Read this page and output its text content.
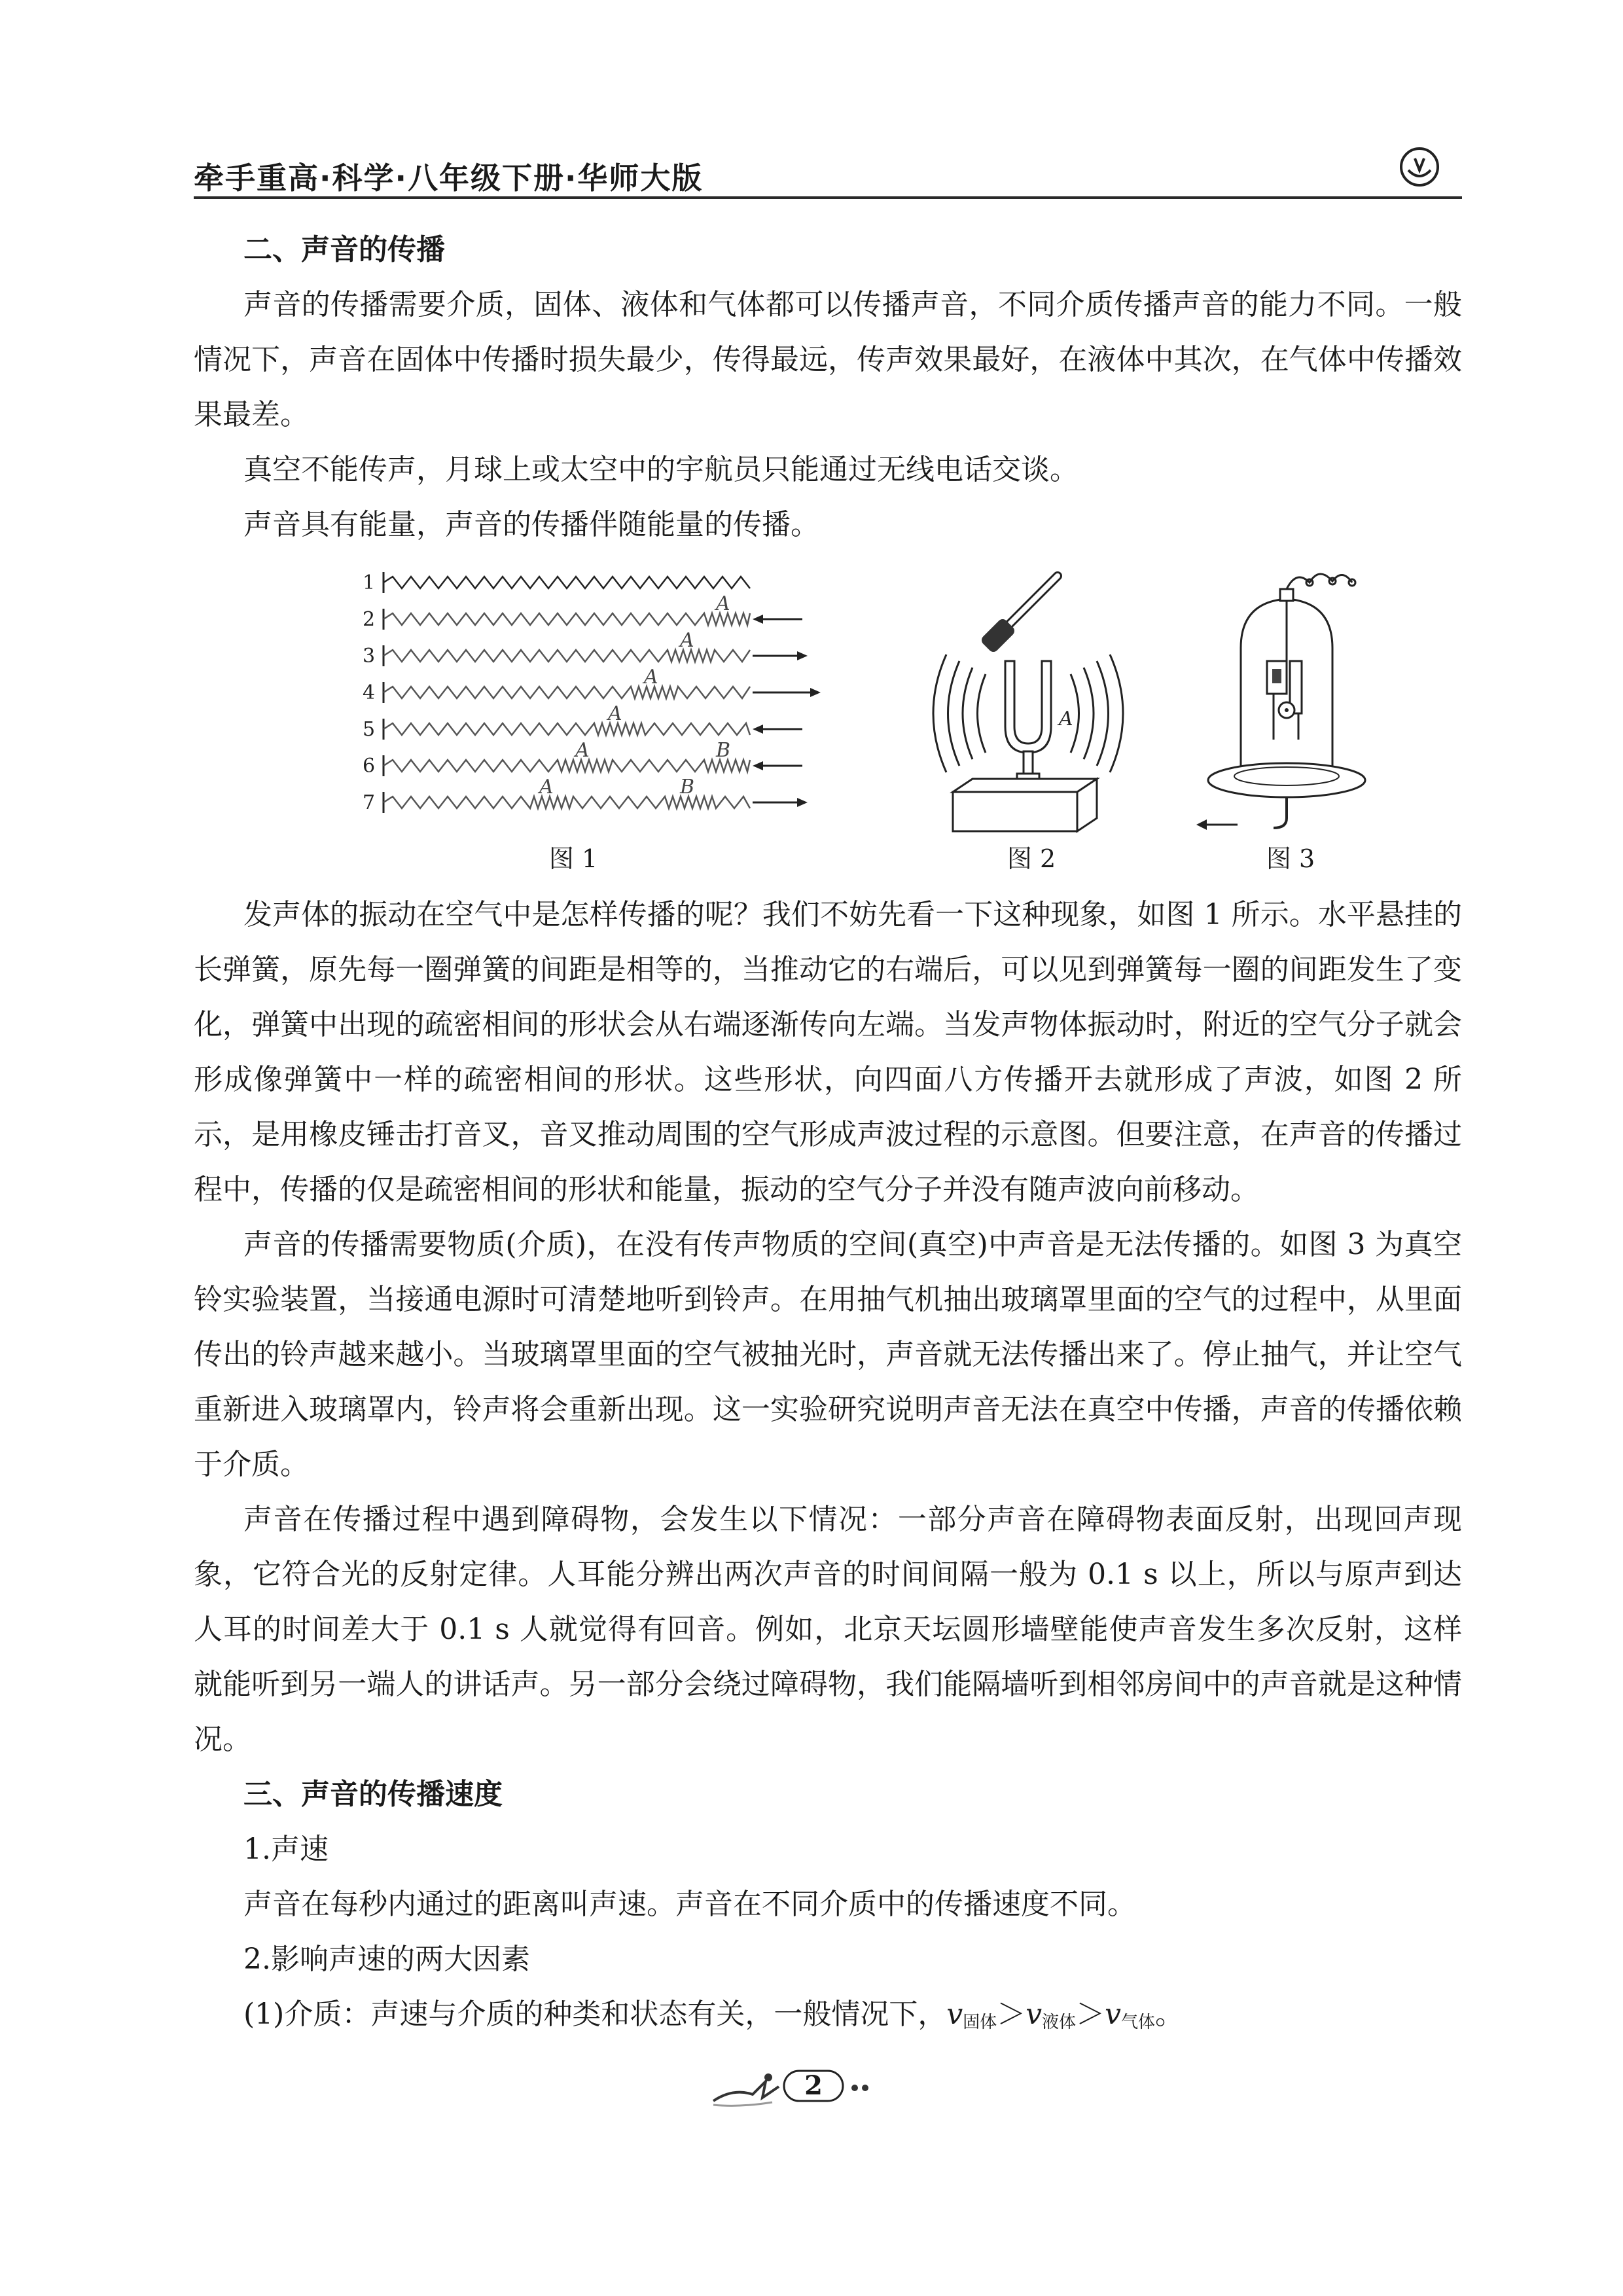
牵手重高·科学·八年级下册·华师大版

二、声音的传播

声音的传播需要介质，固体、液体和气体都可以传播声音，不同介质传播声音的能力不同。一般情况下，声音在固体中传播时损失最少，传得最远，传声效果最好，在液体中其次，在气体中传播效果最差。

真空不能传声，月球上或太空中的宇航员只能通过无线电话交谈。

声音具有能量，声音的传播伴随能量的传播。

1
2
A
3
A
4
A
5
A
6
A	B
7
A	B
图 1
A
图 2	图 3

发声体的振动在空气中是怎样传播的呢？我们不妨先看一下这种现象，如图 1 所示。水平悬挂的长弹簧，原先每一圈弹簧的间距是相等的，当推动它的右端后，可以见到弹簧每一圈的间距发生了变化，弹簧中出现的疏密相间的形状会从右端逐渐传向左端。当发声物体振动时，附近的空气分子就会形成像弹簧中一样的疏密相间的形状。这些形状，向四面八方传播开去就形成了声波，如图 2 所示，是用橡皮锤击打音叉，音叉推动周围的空气形成声波过程的示意图。但要注意，在声音的传播过程中，传播的仅是疏密相间的形状和能量，振动的空气分子并没有随声波向前移动。

声音的传播需要物质(介质)，在没有传声物质的空间(真空)中声音是无法传播的。如图 3 为真空铃实验装置，当接通电源时可清楚地听到铃声。在用抽气机抽出玻璃罩里面的空气的过程中，从里面传出的铃声越来越小。当玻璃罩里面的空气被抽光时，声音就无法传播出来了。停止抽气，并让空气重新进入玻璃罩内，铃声将会重新出现。这一实验研究说明声音无法在真空中传播，声音的传播依赖于介质。

声音在传播过程中遇到障碍物，会发生以下情况：一部分声音在障碍物表面反射，出现回声现象，它符合光的反射定律。人耳能分辨出两次声音的时间间隔一般为 0.1 s 以上，所以与原声到达人耳的时间差大于 0.1 s 人就觉得有回音。例如，北京天坛圆形墙壁能使声音发生多次反射，这样就能听到另一端人的讲话声。另一部分会绕过障碍物，我们能隔墙听到相邻房间中的声音就是这种情况。

三、声音的传播速度

1.声速

声音在每秒内通过的距离叫声速。声音在不同介质中的传播速度不同。

2.影响声速的两大因素

(1)介质：声速与介质的种类和状态有关，一般情况下，$v_{固体}>v_{液体}>v_{气体}$。

2
